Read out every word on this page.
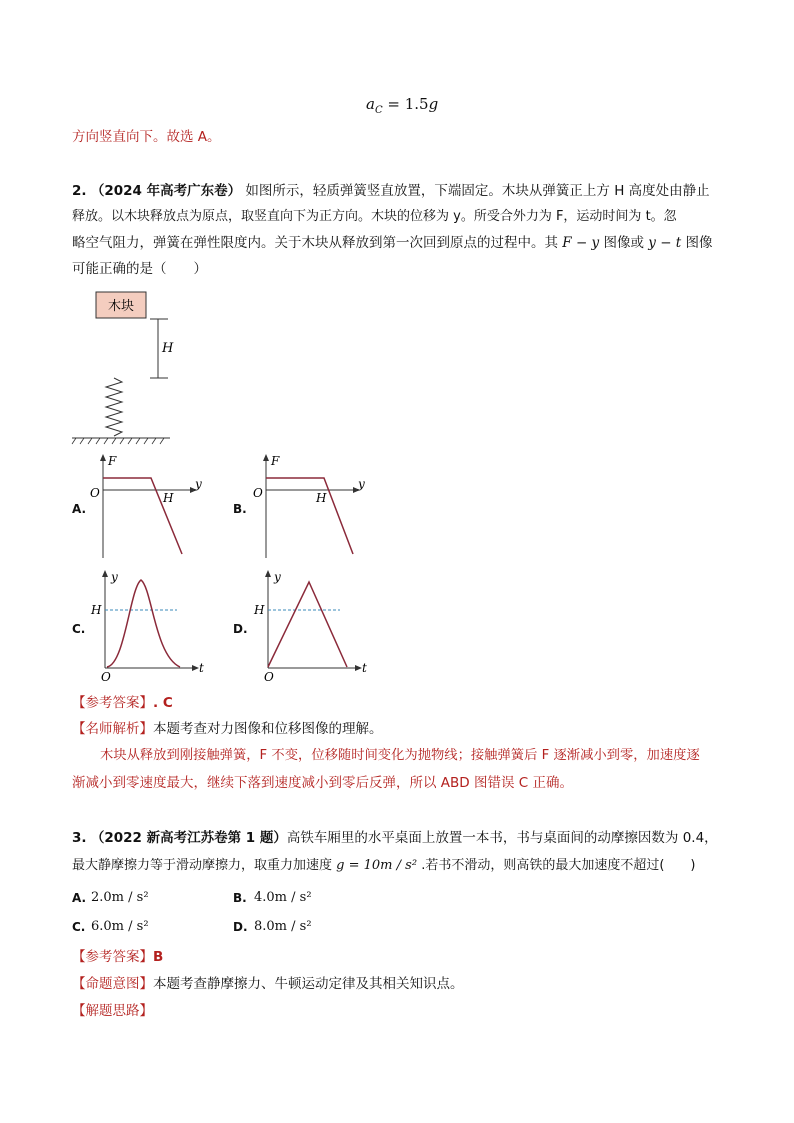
$a_C = 1.5g$
方向竖直向下。故选 A。
2. （2024 年高考广东卷） 如图所示，轻质弹簧竖直放置，下端固定。木块从弹簧正上方 H 高度处由静止
释放。以木块释放点为原点，取竖直向下为正方向。木块的位移为 y。所受合外力为 F，运动时间为 t。忽
略空气阻力，弹簧在弹性限度内。关于木块从释放到第一次回到原点的过程中。其 F − y 图像或 y − t 图像
可能正确的是（　　）
木块
H
A.
F
y
O	H
B.
F
y
O	H
C.
y
t
O
H
D.
y
t
O
H
【参考答案】. C
【名师解析】本题考查对力图像和位移图像的理解。
木块从释放到刚接触弹簧，F 不变，位移随时间变化为抛物线；接触弹簧后 F 逐渐减小到零，加速度逐
渐减小到零速度最大，继续下落到速度减小到零后反弹，所以 ABD 图错误 C 正确。
3. （2022 新高考江苏卷第 1 题）高铁车厢里的水平桌面上放置一本书，书与桌面间的动摩擦因数为 0.4，
最大静摩擦力等于滑动摩擦力，取重力加速度 g = 10m / s² .若书不滑动，则高铁的最大加速度不超过(　　)
A. 2.0m / s²	B. 4.0m / s²
C. 6.0m / s²	D. 8.0m / s²
【参考答案】B
【命题意图】本题考查静摩擦力、牛顿运动定律及其相关知识点。
【解题思路】
